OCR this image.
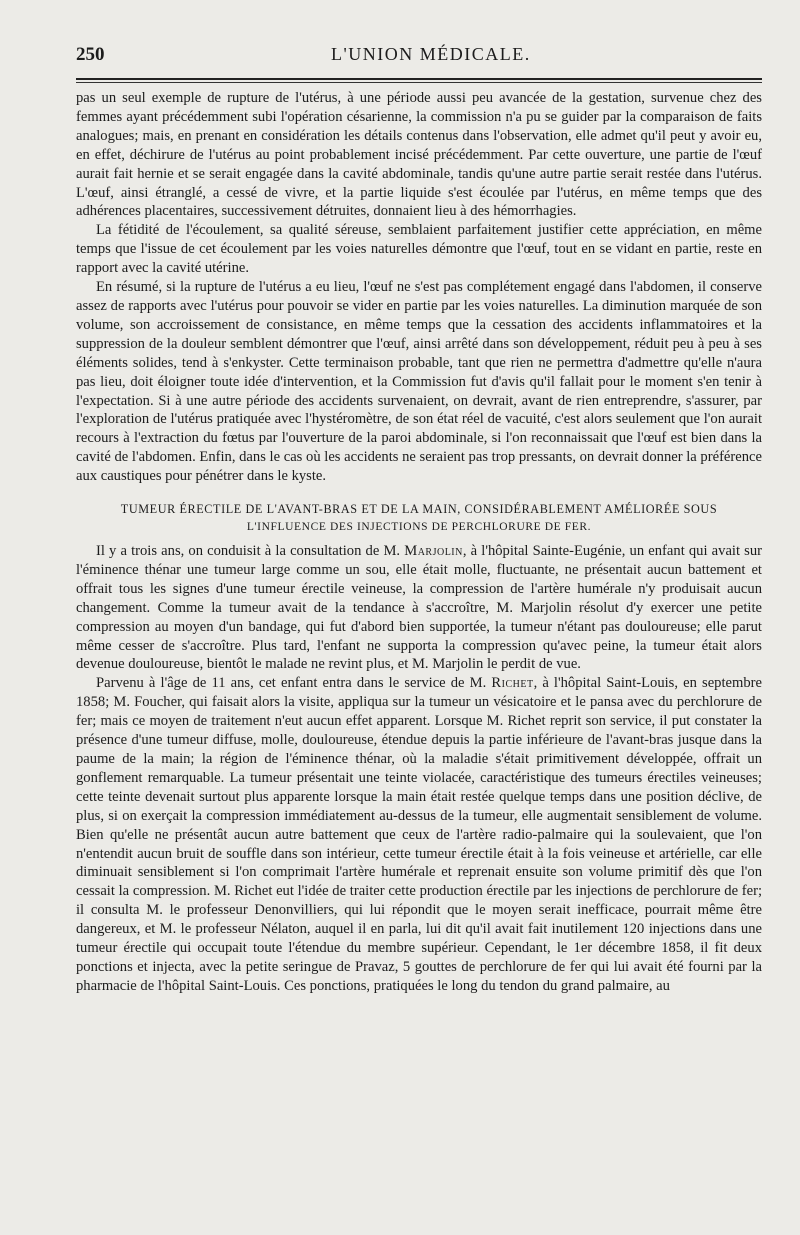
250	L'UNION MÉDICALE.

pas un seul exemple de rupture de l'utérus, à une période aussi peu avancée de la gestation, survenue chez des femmes ayant précédemment subi l'opération césarienne, la commission n'a pu se guider par la comparaison de faits analogues; mais, en prenant en considération les détails contenus dans l'observation, elle admet qu'il peut y avoir eu, en effet, déchirure de l'utérus au point probablement incisé précédemment. Par cette ouverture, une partie de l'œuf aurait fait hernie et se serait engagée dans la cavité abdominale, tandis qu'une autre partie serait restée dans l'utérus. L'œuf, ainsi étranglé, a cessé de vivre, et la partie liquide s'est écoulée par l'utérus, en même temps que des adhérences placentaires, successivement détruites, donnaient lieu à des hémorrhagies.

La fétidité de l'écoulement, sa qualité séreuse, semblaient parfaitement justifier cette appréciation, en même temps que l'issue de cet écoulement par les voies naturelles démontre que l'œuf, tout en se vidant en partie, reste en rapport avec la cavité utérine.

En résumé, si la rupture de l'utérus a eu lieu, l'œuf ne s'est pas complétement engagé dans l'abdomen, il conserve assez de rapports avec l'utérus pour pouvoir se vider en partie par les voies naturelles. La diminution marquée de son volume, son accroissement de consistance, en même temps que la cessation des accidents inflammatoires et la suppression de la douleur semblent démontrer que l'œuf, ainsi arrêté dans son développement, réduit peu à peu à ses éléments solides, tend à s'enkyster. Cette terminaison probable, tant que rien ne permettra d'admettre qu'elle n'aura pas lieu, doit éloigner toute idée d'intervention, et la Commission fut d'avis qu'il fallait pour le moment s'en tenir à l'expectation. Si à une autre période des accidents survenaient, on devrait, avant de rien entreprendre, s'assurer, par l'exploration de l'utérus pratiquée avec l'hystéromètre, de son état réel de vacuité, c'est alors seulement que l'on aurait recours à l'extraction du fœtus par l'ouverture de la paroi abdominale, si l'on reconnaissait que l'œuf est bien dans la cavité de l'abdomen. Enfin, dans le cas où les accidents ne seraient pas trop pressants, on devrait donner la préférence aux caustiques pour pénétrer dans le kyste.

TUMEUR ÉRECTILE DE L'AVANT-BRAS ET DE LA MAIN, CONSIDÉRABLEMENT AMÉLIORÉE SOUS
L'INFLUENCE DES INJECTIONS DE PERCHLORURE DE FER.

Il y a trois ans, on conduisit à la consultation de M. Marjolin, à l'hôpital Sainte-Eugénie, un enfant qui avait sur l'éminence thénar une tumeur large comme un sou, elle était molle, fluctuante, ne présentait aucun battement et offrait tous les signes d'une tumeur érectile veineuse, la compression de l'artère humérale n'y produisait aucun changement. Comme la tumeur avait de la tendance à s'accroître, M. Marjolin résolut d'y exercer une petite compression au moyen d'un bandage, qui fut d'abord bien supportée, la tumeur n'étant pas douloureuse; elle parut même cesser de s'accroître. Plus tard, l'enfant ne supporta la compression qu'avec peine, la tumeur était alors devenue douloureuse, bientôt le malade ne revint plus, et M. Marjolin le perdit de vue.

Parvenu à l'âge de 11 ans, cet enfant entra dans le service de M. Richet, à l'hôpital Saint-Louis, en septembre 1858; M. Foucher, qui faisait alors la visite, appliqua sur la tumeur un vésicatoire et le pansa avec du perchlorure de fer; mais ce moyen de traitement n'eut aucun effet apparent. Lorsque M. Richet reprit son service, il put constater la présence d'une tumeur diffuse, molle, douloureuse, étendue depuis la partie inférieure de l'avant-bras jusque dans la paume de la main; la région de l'éminence thénar, où la maladie s'était primitivement développée, offrait un gonflement remarquable. La tumeur présentait une teinte violacée, caractéristique des tumeurs érectiles veineuses; cette teinte devenait surtout plus apparente lorsque la main était restée quelque temps dans une position déclive, de plus, si on exerçait la compression immédiatement au-dessus de la tumeur, elle augmentait sensiblement de volume. Bien qu'elle ne présentât aucun autre battement que ceux de l'artère radio-palmaire qui la soulevaient, que l'on n'entendit aucun bruit de souffle dans son intérieur, cette tumeur érectile était à la fois veineuse et artérielle, car elle diminuait sensiblement si l'on comprimait l'artère humérale et reprenait ensuite son volume primitif dès que l'on cessait la compression. M. Richet eut l'idée de traiter cette production érectile par les injections de perchlorure de fer; il consulta M. le professeur Denonvilliers, qui lui répondit que le moyen serait inefficace, pourrait même être dangereux, et M. le professeur Nélaton, auquel il en parla, lui dit qu'il avait fait inutilement 120 injections dans une tumeur érectile qui occupait toute l'étendue du membre supérieur. Cependant, le 1er décembre 1858, il fit deux ponctions et injecta, avec la petite seringue de Pravaz, 5 gouttes de perchlorure de fer qui lui avait été fourni par la pharmacie de l'hôpital Saint-Louis. Ces ponctions, pratiquées le long du tendon du grand palmaire, au
